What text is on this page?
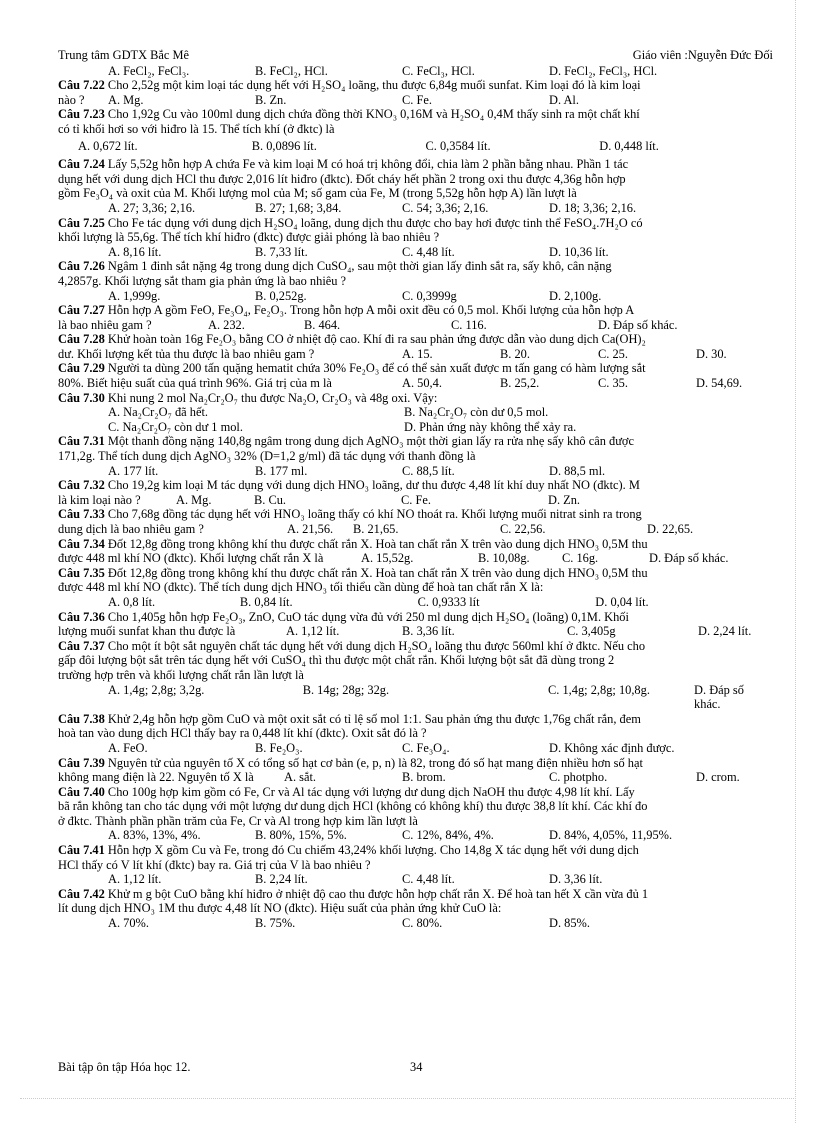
Trung tâm GDTX Bắc Mê	Giáo viên :Nguyễn Đức Đối
A. FeCl₂, FeCl₃.	B. FeCl₂, HCl.	C. FeCl₃, HCl.	D. FeCl₂, FeCl₃, HCl.
Câu 7.22 Cho 2,52g một kim loại tác dụng hết với H₂SO₄ loãng, thu được 6,84g muối sunfat. Kim loại đó là kim loại
nào ?	A. Mg.	B. Zn.	C. Fe.	D. Al.
Câu 7.23 Cho 1,92g Cu vào 100ml dung dịch chứa đồng thời KNO₃ 0,16M và H₂SO₄ 0,4M thấy sinh ra một chất khí
có tỉ khối hơi so với hiđro là 15. Thể tích khí (ở đktc) là
A. 0,672 lít.	B. 0,0896 lít.	C. 0,3584 lít.	D. 0,448 lít.
Câu 7.24 Lấy 5,52g hỗn hợp A chứa Fe và kim loại M có hoá trị không đổi, chia làm 2 phần bằng nhau. Phần 1 tác
dụng hết với dung dịch HCl thu được 2,016 lít hiđro (đktc). Đốt cháy hết phần 2 trong oxi thu được 4,36g hỗn hợp
gồm Fe₃O₄ và oxit của M. Khối lượng mol của M; số gam của Fe, M (trong 5,52g hỗn hợp A) lần lượt là
A. 27; 3,36; 2,16.	B. 27; 1,68; 3,84.	C. 54; 3,36; 2,16.	D. 18; 3,36; 2,16.
Câu 7.25 Cho Fe tác dụng với dung dịch H₂SO₄ loãng, dung dịch thu được cho bay hơi được tinh thể FeSO₄.7H₂O có
khối lượng là 55,6g. Thể tích khí hiđro (đktc) được giải phóng là bao nhiêu ?
A. 8,16 lít.	B. 7,33 lít.	C. 4,48 lít.	D. 10,36 lít.
Câu 7.26 Ngâm 1 đinh sắt nặng 4g trong dung dịch CuSO₄, sau một thời gian lấy đinh sắt ra, sấy khô, cân nặng
4,2857g. Khối lượng sắt tham gia phản ứng là bao nhiêu ?
A. 1,999g.	B. 0,252g.	C. 0,3999g	D. 2,100g.
Câu 7.27 Hỗn hợp A gồm FeO, Fe₃O₄, Fe₂O₃. Trong hỗn hợp A mỗi oxit đều có 0,5 mol. Khối lượng của hỗn hợp A
là bao nhiêu gam ?	A. 232.	B. 464.	C. 116.	D. Đáp số khác.
Câu 7.28 Khử hoàn toàn 16g Fe₂O₃ bằng CO ở nhiệt độ cao. Khí đi ra sau phản ứng được dẫn vào dung dịch Ca(OH)₂
dư. Khối lượng kết tủa thu được là bao nhiêu gam ?	A. 15.	B. 20.	C. 25.	D. 30.
Câu 7.29 Người ta dùng 200 tấn quặng hematit chứa 30% Fe₂O₃ để có thể sản xuất được m tấn gang có hàm lượng sắt
80%. Biết hiệu suất của quá trình 96%. Giá trị của m là	A. 50,4.	B. 25,2.	C. 35.	D. 54,69.
Câu 7.30 Khi nung 2 mol Na₂Cr₂O₇ thu được Na₂O, Cr₂O₃ và 48g oxi. Vậy:
A. Na₂Cr₂O₇ đã hết.	B. Na₂Cr₂O₇ còn dư 0,5 mol.
C. Na₂Cr₂O₇ còn dư 1 mol.	D. Phản ứng này không thể xảy ra.
Câu 7.31 Một thanh đồng nặng 140,8g ngâm trong dung dịch AgNO₃ một thời gian lấy ra rửa nhẹ sấy khô cân được
171,2g. Thể tích dung dịch AgNO₃ 32% (D=1,2 g/ml) đã tác dụng với thanh đồng là
A. 177 lít.	B. 177 ml.	C. 88,5 lít.	D. 88,5 ml.
Câu 7.32 Cho 19,2g kim loại M tác dụng với dung dịch HNO₃ loãng, dư thu được 4,48 lít khí duy nhất NO (đktc). M
là kim loại nào ?	A. Mg.	B. Cu.	C. Fe.	D. Zn.
Câu 7.33 Cho 7,68g đồng tác dụng hết với HNO₃ loãng thấy có khí NO thoát ra. Khối lượng muối nitrat sinh ra trong
dung dịch là bao nhiêu gam ?	A. 21,56.	B. 21,65.	C. 22,56.	D. 22,65.
Câu 7.34 Đốt 12,8g đồng trong không khí thu được chất rắn X. Hoà tan chất rắn X trên vào dung dịch HNO₃ 0,5M thu
được 448 ml khí NO (đktc). Khối lượng chất rắn X là	A. 15,52g.	B. 10,08g.	C. 16g.	D. Đáp số khác.
Câu 7.35 Đốt 12,8g đồng trong không khí thu được chất rắn X. Hoà tan chất rắn X trên vào dung dịch HNO₃ 0,5M thu
được 448 ml khí NO (đktc). Thể tích dung dịch HNO₃ tối thiểu cần dùng để hoà tan chất rắn X là:
A. 0,8 lít.	B. 0,84 lít.	C. 0,9333 lít	D. 0,04 lít.
Câu 7.36 Cho 1,405g hỗn hợp Fe₂O₃, ZnO, CuO tác dụng vừa đủ với 250 ml dung dịch H₂SO₄ (loãng) 0,1M. Khối
lượng muối sunfat khan thu được là	A. 1,12 lít.	B. 3,36 lít.	C. 3,405g	D. 2,24 lít.
Câu 7.37 Cho một ít bột sắt nguyên chất tác dụng hết với dung dịch H₂SO₄ loãng thu được 560ml khí ở đktc. Nếu cho
gấp đôi lượng bột sắt trên tác dụng hết với CuSO₄ thì thu được một chất rắn. Khối lượng bột sắt đã dùng trong 2
trường hợp trên và khối lượng chất rắn lần lượt là
A. 1,4g; 2,8g; 3,2g.	B. 14g; 28g; 32g.	C. 1,4g; 2,8g; 10,8g.	D. Đáp số khác.
Câu 7.38 Khử 2,4g hỗn hợp gồm CuO và một oxit sắt có tỉ lệ số mol 1:1. Sau phản ứng thu được 1,76g chất rắn, đem
hoà tan vào dung dịch HCl thấy bay ra 0,448 lít khí (đktc). Oxit sắt đó là ?
A. FeO.	B. Fe₂O₃.	C. Fe₃O₄.	D. Không xác định được.
Câu 7.39 Nguyên tử của nguyên tố X có tổng số hạt cơ bản (e, p, n) là 82, trong đó số hạt mang điện nhiều hơn số hạt
không mang điện là 22. Nguyên tố X là	A. sắt.	B. brom.	C. photpho.	D. crom.
Câu 7.40 Cho 100g hợp kim gồm có Fe, Cr và Al tác dụng với lượng dư dung dịch NaOH thu được 4,98 lít khí. Lấy
bã rắn không tan cho tác dụng với một lượng dư dung dịch HCl (không có không khí) thu được 38,8 lít khí. Các khí đo
ở đktc. Thành phần phần trăm của Fe, Cr và Al trong hợp kim lần lượt là
A. 83%, 13%, 4%.	B. 80%, 15%, 5%.	C. 12%, 84%, 4%.	D. 84%, 4,05%, 11,95%.
Câu 7.41 Hỗn hợp X gồm Cu và Fe, trong đó Cu chiếm 43,24% khối lượng. Cho 14,8g X tác dụng hết với dung dịch
HCl thấy có V lít khí (đktc) bay ra. Giá trị của V là bao nhiêu ?
A. 1,12 lít.	B. 2,24 lít.	C. 4,48 lít.	D. 3,36 lít.
Câu 7.42 Khử m g bột CuO bằng khí hiđro ở nhiệt độ cao thu được hỗn hợp chất rắn X. Để hoà tan hết X cần vừa đủ 1
lít dung dịch HNO₃ 1M thu được 4,48 lít NO (đktc). Hiệu suất của phản ứng khử CuO là:
A. 70%.	B. 75%.	C. 80%.	D. 85%.
Bài tập ôn tập Hóa học 12.	34
